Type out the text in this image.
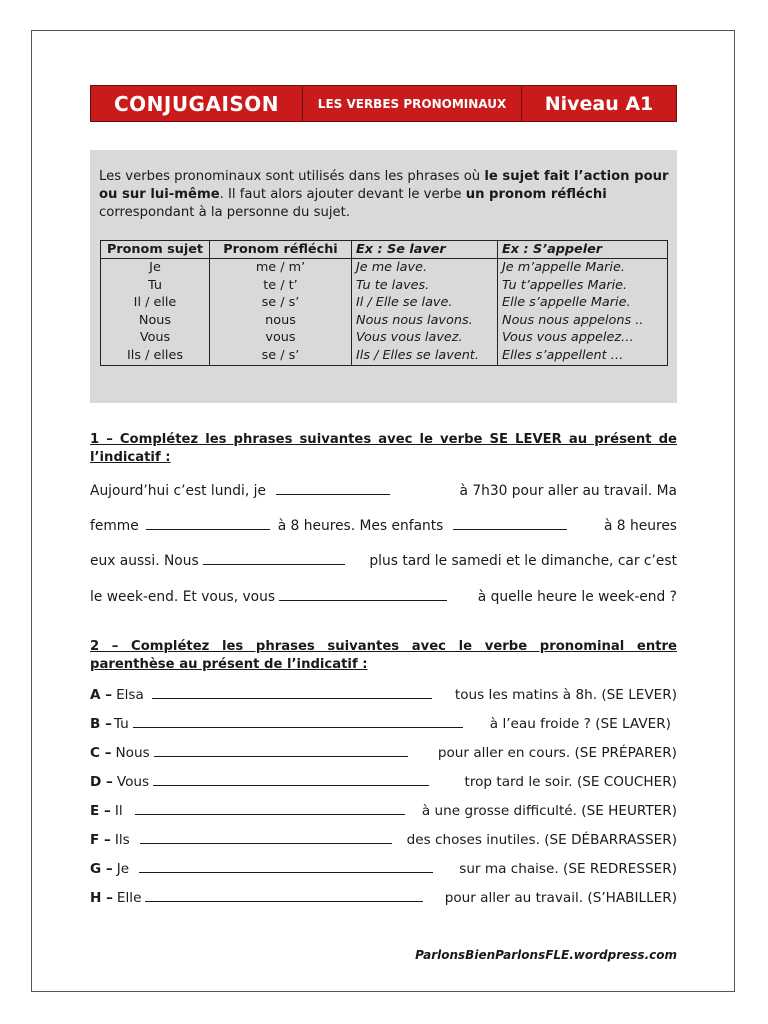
CONJUGAISON	LES VERBES PRONOMINAUX	Niveau A1

Les verbes pronominaux sont utilisés dans les phrases où le sujet fait l’action pour ou sur lui-même. Il faut alors ajouter devant le verbe un pronom réfléchi correspondant à la personne du sujet.

Pronom sujet	Pronom réfléchi	Ex : Se laver	Ex : S’appeler
Je	me / m’	Je me lave.	Je m’appelle Marie.
Tu	te / t’	Tu te laves.	Tu t’appelles Marie.
Il / elle	se / s’	Il / Elle se lave.	Elle s’appelle Marie.
Nous	nous	Nous nous lavons.	Nous nous appelons ..
Vous	vous	Vous vous lavez.	Vous vous appelez…
Ils / elles	se / s’	Ils / Elles se lavent.	Elles s’appellent …

1 – Complétez les phrases suivantes avec le verbe SE LEVER au présent de l’indicatif :

Aujourd’hui c’est lundi, je	à 7h30 pour aller au travail. Ma
femme	à 8 heures. Mes enfants	à 8 heures
eux aussi. Nous	plus tard le samedi et le dimanche, car c’est
le week-end. Et vous, vous	à quelle heure le week-end ?

2 – Complétez les phrases suivantes avec le verbe pronominal entre parenthèse au présent de l’indicatif :

A – Elsa	tous les matins à 8h. (SE LEVER)
B – Tu	à l’eau froide ? (SE LAVER)
C – Nous	pour aller en cours. (SE PRÉPARER)
D – Vous	trop tard le soir. (SE COUCHER)
E – Il	à une grosse difficulté. (SE HEURTER)
F – Ils	des choses inutiles. (SE DÉBARRASSER)
G – Je	sur ma chaise. (SE REDRESSER)
H – Elle	pour aller au travail. (S’HABILLER)
ParlonsBienParlonsFLE.wordpress.com
